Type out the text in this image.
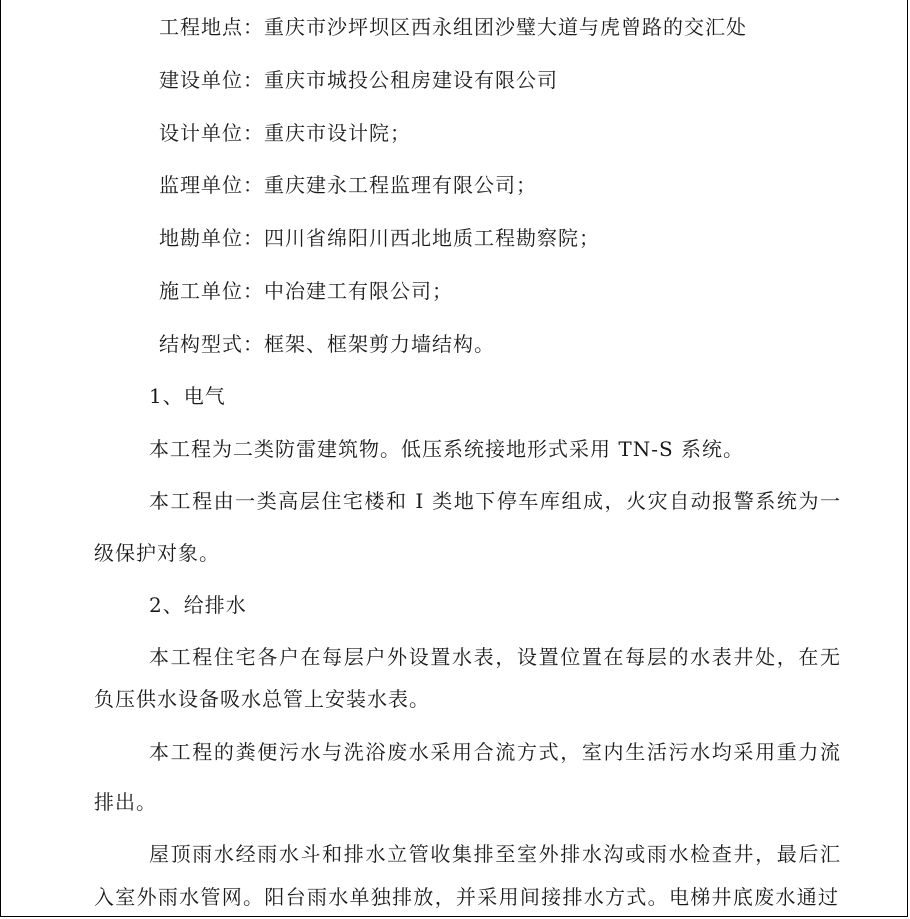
工程地点：重庆市沙坪坝区西永组团沙璧大道与虎曾路的交汇处
建设单位：重庆市城投公租房建设有限公司
设计单位：重庆市设计院；
监理单位：重庆建永工程监理有限公司；
地勘单位：四川省绵阳川西北地质工程勘察院；
施工单位：中冶建工有限公司；
结构型式：框架、框架剪力墙结构。
1、电气
本工程为二类防雷建筑物。低压系统接地形式采用 TN-S 系统。
本工程由一类高层住宅楼和 I 类地下停车库组成，火灾自动报警系统为一
级保护对象。
2、给排水
本工程住宅各户在每层户外设置水表，设置位置在每层的水表井处，在无
负压供水设备吸水总管上安装水表。
本工程的粪便污水与洗浴废水采用合流方式，室内生活污水均采用重力流
排出。
屋顶雨水经雨水斗和排水立管收集排至室外排水沟或雨水检查井，最后汇
入室外雨水管网。阳台雨水单独排放，并采用间接排水方式。电梯井底废水通过
